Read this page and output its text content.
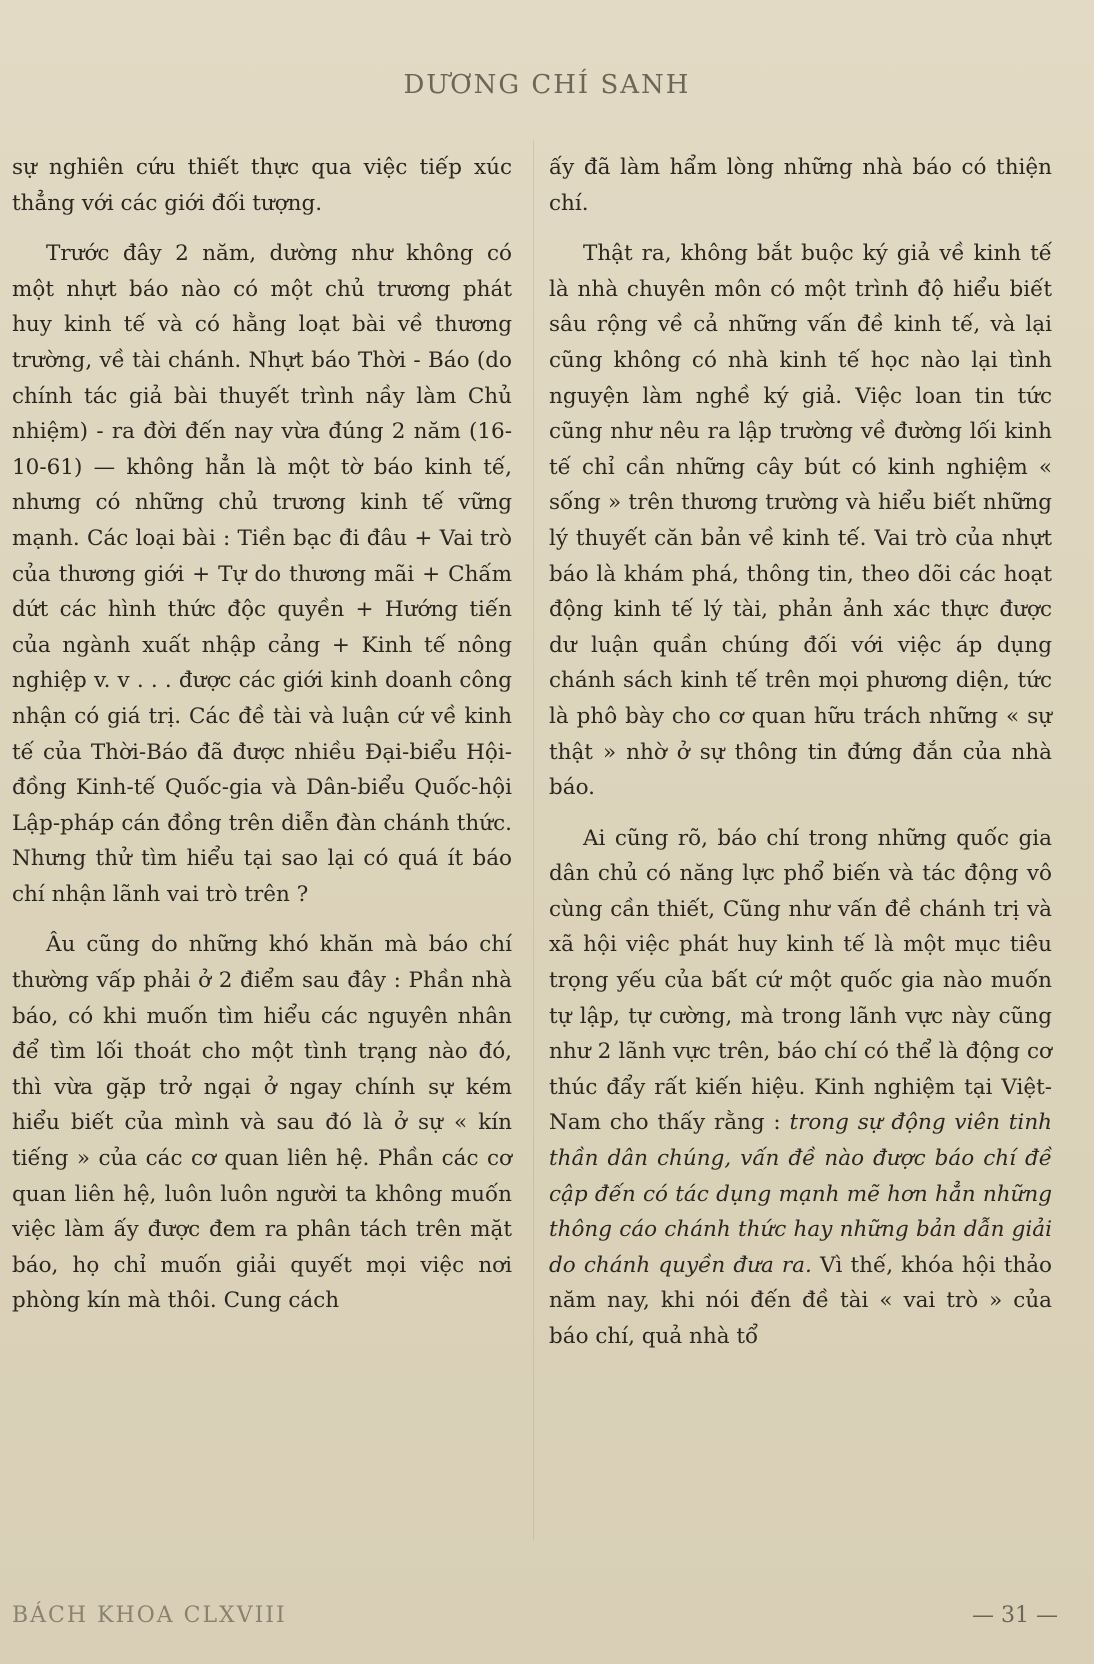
DƯƠNG CHÍ SANH

sự nghiên cứu thiết thực qua việc tiếp xúc thẳng với các giới đối tượng.

Trước đây 2 năm, dường như không có một nhựt báo nào có một chủ trương phát huy kinh tế và có hằng loạt bài về thương trường, về tài chánh. Nhựt báo Thời - Báo (do chính tác giả bài thuyết trình nầy làm Chủ nhiệm) - ra đời đến nay vừa đúng 2 năm (16-10-61) — không hẳn là một tờ báo kinh tế, nhưng có những chủ trương kinh tế vững mạnh. Các loại bài : Tiền bạc đi đâu + Vai trò của thương giới + Tự do thương mãi + Chấm dứt các hình thức độc quyền + Hướng tiến của ngành xuất nhập cảng + Kinh tế nông nghiệp v. v . . . được các giới kinh doanh công nhận có giá trị. Các đề tài và luận cứ về kinh tế của Thời-Báo đã được nhiều Đại-biểu Hội-đồng Kinh-tế Quốc-gia và Dân-biểu Quốc-hội Lập-pháp cán đồng trên diễn đàn chánh thức. Nhưng thử tìm hiểu tại sao lại có quá ít báo chí nhận lãnh vai trò trên ?

Âu cũng do những khó khăn mà báo chí thường vấp phải ở 2 điểm sau đây : Phần nhà báo, có khi muốn tìm hiểu các nguyên nhân để tìm lối thoát cho một tình trạng nào đó, thì vừa gặp trở ngại ở ngay chính sự kém hiểu biết của mình và sau đó là ở sự « kín tiếng » của các cơ quan liên hệ. Phần các cơ quan liên hệ, luôn luôn người ta không muốn việc làm ấy được đem ra phân tách trên mặt báo, họ chỉ muốn giải quyết mọi việc nơi phòng kín mà thôi. Cung cách

ấy đã làm hẩm lòng những nhà báo có thiện chí.

Thật ra, không bắt buộc ký giả về kinh tế là nhà chuyên môn có một trình độ hiểu biết sâu rộng về cả những vấn đề kinh tế, và lại cũng không có nhà kinh tế học nào lại tình nguyện làm nghề ký giả. Việc loan tin tức cũng như nêu ra lập trường về đường lối kinh tế chỉ cần những cây bút có kinh nghiệm « sống » trên thương trường và hiểu biết những lý thuyết căn bản về kinh tế. Vai trò của nhựt báo là khám phá, thông tin, theo dõi các hoạt động kinh tế lý tài, phản ảnh xác thực được dư luận quần chúng đối với việc áp dụng chánh sách kinh tế trên mọi phương diện, tức là phô bày cho cơ quan hữu trách những « sự thật » nhờ ở sự thông tin đứng đắn của nhà báo.

Ai cũng rõ, báo chí trong những quốc gia dân chủ có năng lực phổ biến và tác động vô cùng cần thiết, Cũng như vấn đề chánh trị và xã hội việc phát huy kinh tế là một mục tiêu trọng yếu của bất cứ một quốc gia nào muốn tự lập, tự cường, mà trong lãnh vực này cũng như 2 lãnh vực trên, báo chí có thể là động cơ thúc đẩy rất kiến hiệu. Kinh nghiệm tại Việt-Nam cho thấy rằng : trong sự động viên tinh thần dân chúng, vấn đề nào được báo chí đề cập đến có tác dụng mạnh mẽ hơn hẳn những thông cáo chánh thức hay những bản dẫn giải do chánh quyền đưa ra. Vì thế, khóa hội thảo năm nay, khi nói đến đề tài « vai trò » của báo chí, quả nhà tổ

BÁCH KHOA CLXVIII	— 31 —
